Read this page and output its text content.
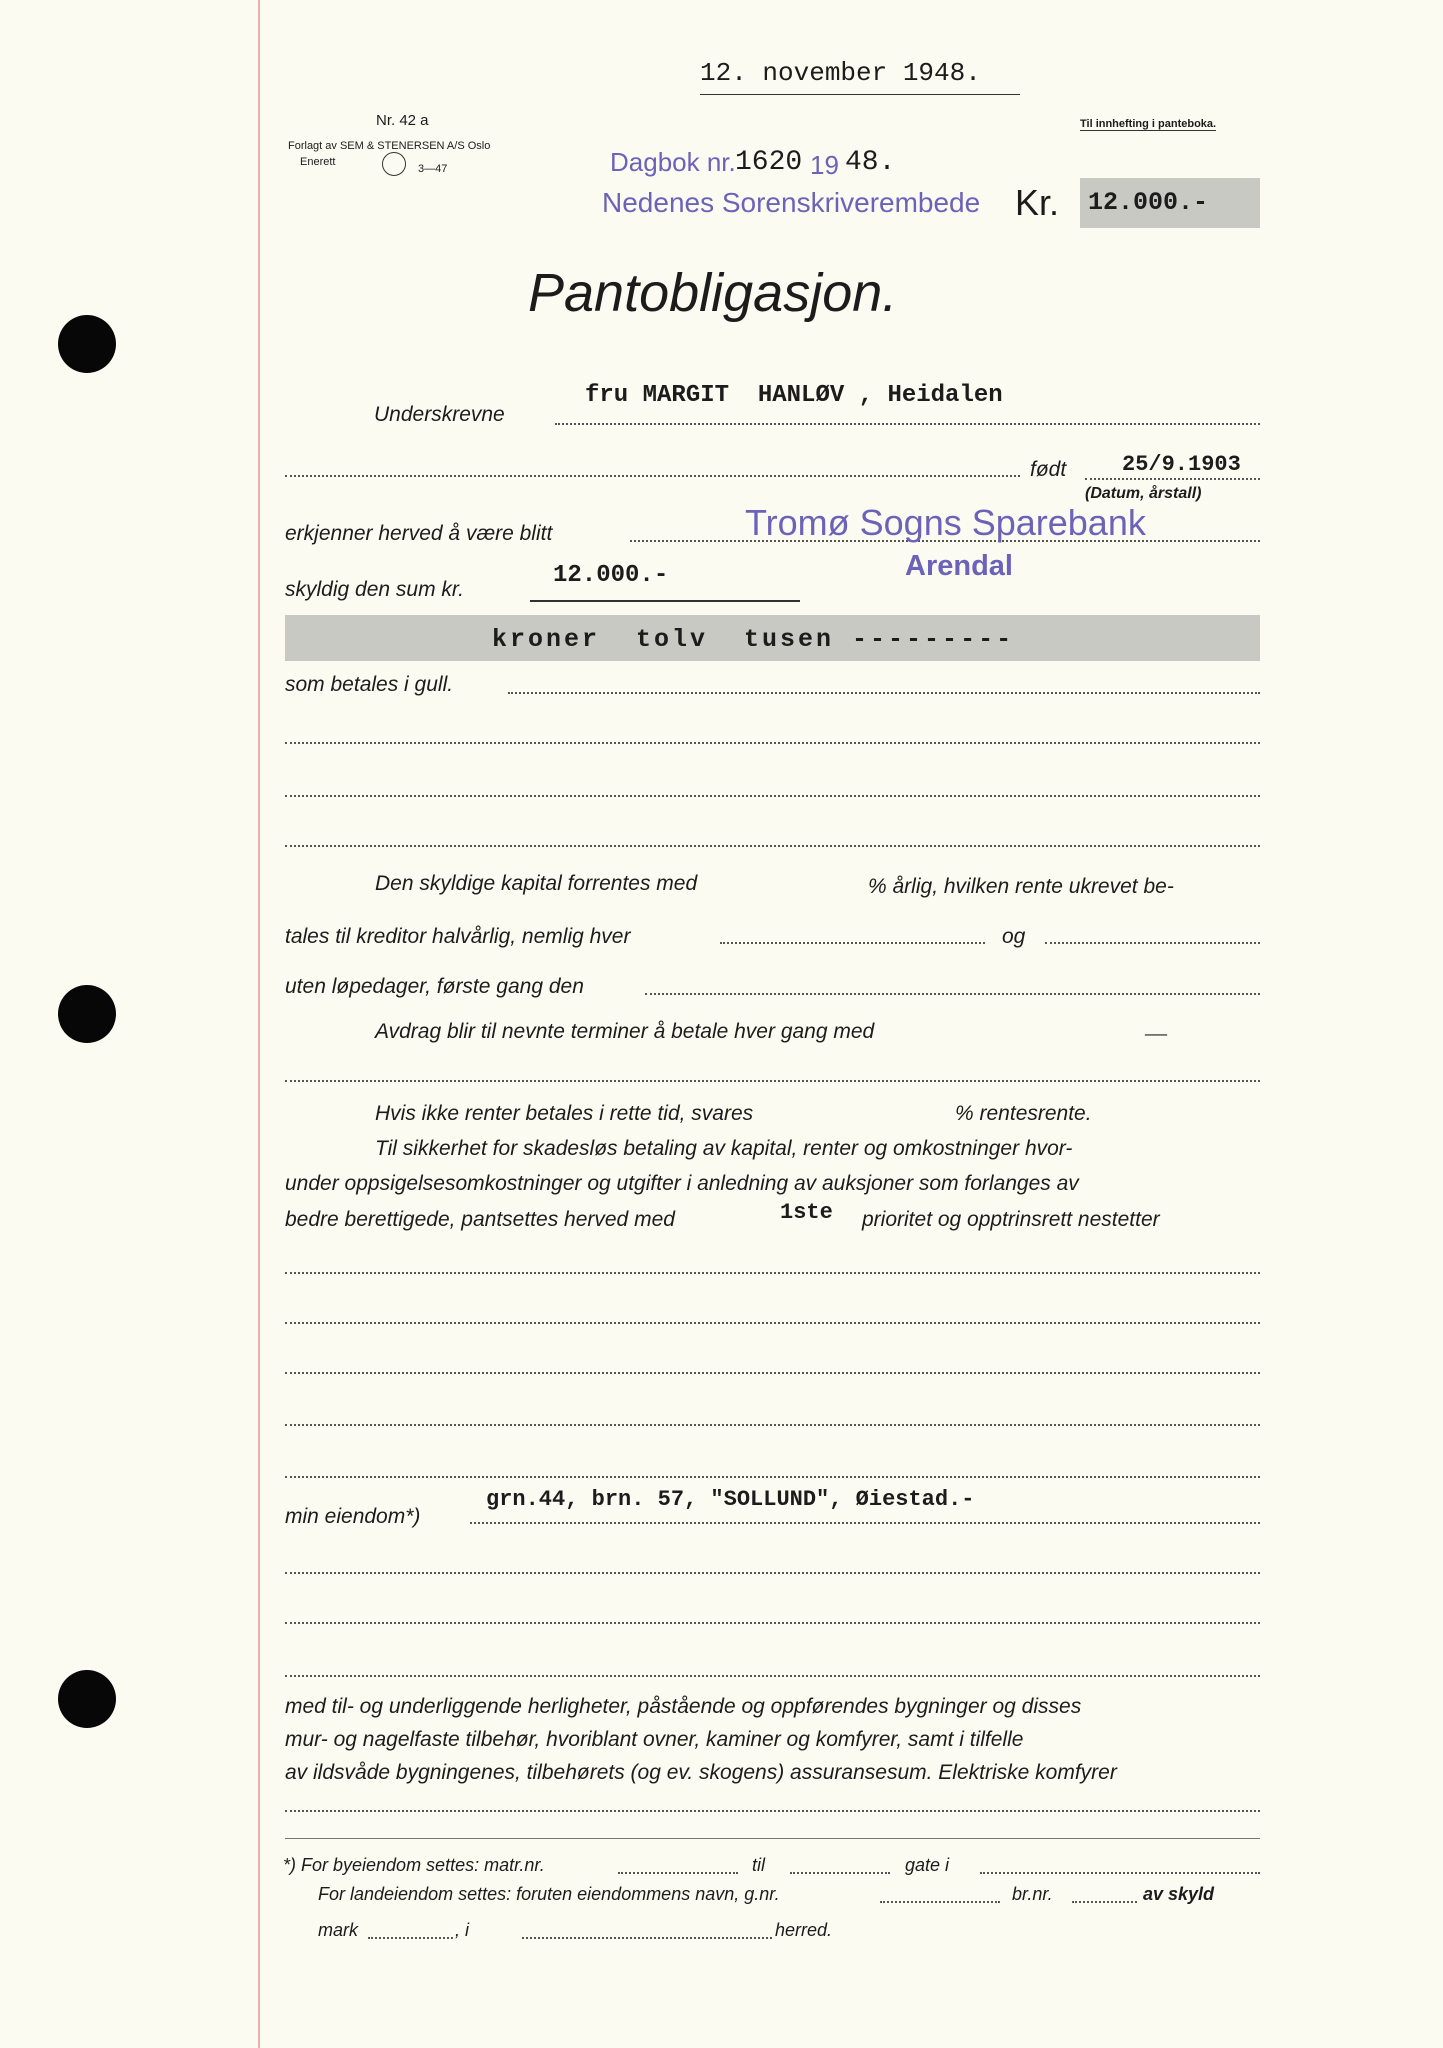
12. november 1948.
Nr. 42 a
Forlagt av SEM & STENERSEN A/S Oslo
Enerett
3—47
Til innhefting i panteboka.
Dagbok nr. 1620 19 48.
Nedenes Sorenskriverembede Kr. 12.000.-
Pantobligasjon.
Underskrevne
fru MARGIT  HANLØV , Heidalen
født	25/9.1903
(Datum, årstall)
erkjenner herved å være blitt	Tromø Sogns Sparebank
Arendal
skyldig den sum kr.
12.000.-
kroner  tolv  tusen ---------
som betales i gull.
Den skyldige kapital forrentes med	% årlig, hvilken rente ukrevet be-
tales til kreditor halvårlig, nemlig hver	og
uten løpedager, første gang den
Avdrag blir til nevnte terminer å betale hver gang med	—
Hvis ikke renter betales i rette tid, svares	% rentesrente.
Til sikkerhet for skadesløs betaling av kapital, renter og omkostninger hvor-
under oppsigelsesomkostninger og utgifter i anledning av auksjoner som forlanges av
bedre berettigede, pantsettes herved med	1ste prioritet og opptrinsrett nestetter
min eiendom*)
grn.44, brn. 57, "SOLLUND", Øiestad.-
med til- og underliggende herligheter, påstående og oppførendes bygninger og disses
mur- og nagelfaste tilbehør, hvoriblant ovner, kaminer og komfyrer, samt i tilfelle
av ildsvåde bygningenes, tilbehørets (og ev. skogens) assuransesum. Elektriske komfyrer
*) For byeiendom settes: matr.nr.	til	gate i
For landeiendom settes: foruten eiendommens navn, g.nr.	br.nr.	av skyld
mark	, i	herred.
